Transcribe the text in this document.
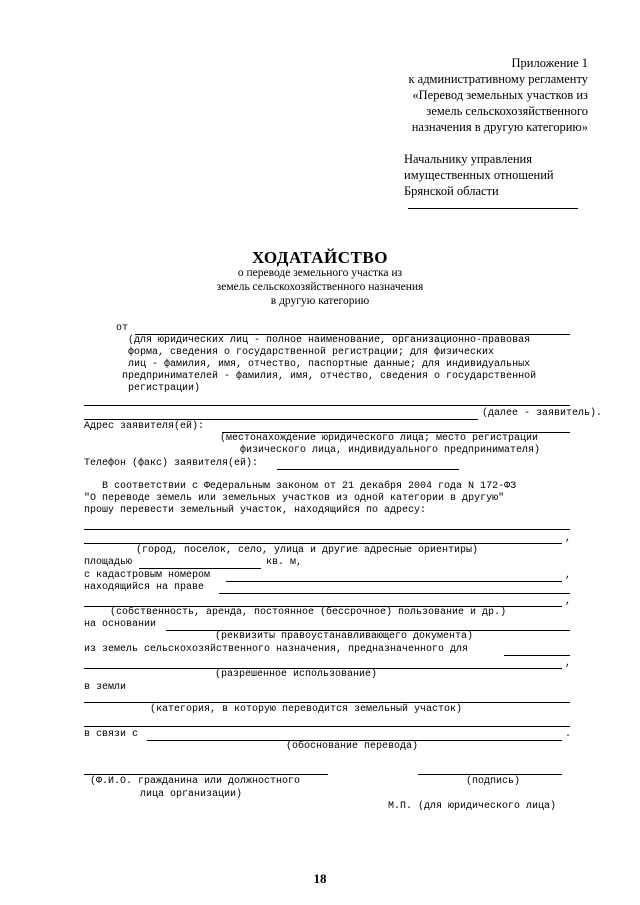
Приложение 1
к административному регламенту
«Перевод земельных участков из
земель сельскохозяйственного
назначения в другую категорию»
Начальнику управления
имущественных отношений
Брянской области
ХОДАТАЙСТВО
о переводе земельного участка из
земель сельскохозяйственного назначения
в другую категорию
от
(для юридических лиц - полное наименование, организационно-правовая
форма, сведения о государственной регистрации; для физических
лиц - фамилия, имя, отчество, паспортные данные; для индивидуальных
предпринимателей - фамилия, имя, отчество, сведения о государственной
регистрации)
(далее - заявитель).
Адрес заявителя(ей):
(местонахождение юридического лица; место регистрации
физического лица, индивидуального предпринимателя)
Телефон (факс) заявителя(ей):
В соответствии с Федеральным законом от 21 декабря 2004 года N 172-ФЗ
"О переводе земель или земельных участков из одной категории в другую"
прошу перевести земельный участок, находящийся по адресу:
,
(город, поселок, село, улица и другие адресные ориентиры)
площадью	кв. м,
с кадастровым номером	,
находящийся на праве
,
(собственность, аренда, постоянное (бессрочное) пользование и др.)
на основании
(реквизиты правоустанавливающего документа)
из земель сельскохозяйственного назначения, предназначенного для
,
(разрешенное использование)
в земли
(категория, в которую переводится земельный участок)
в связи с	.
(обоснование перевода)
(Ф.И.О. гражданина или должностного
лица организации)
(подпись)
М.П. (для юридического лица)
18
